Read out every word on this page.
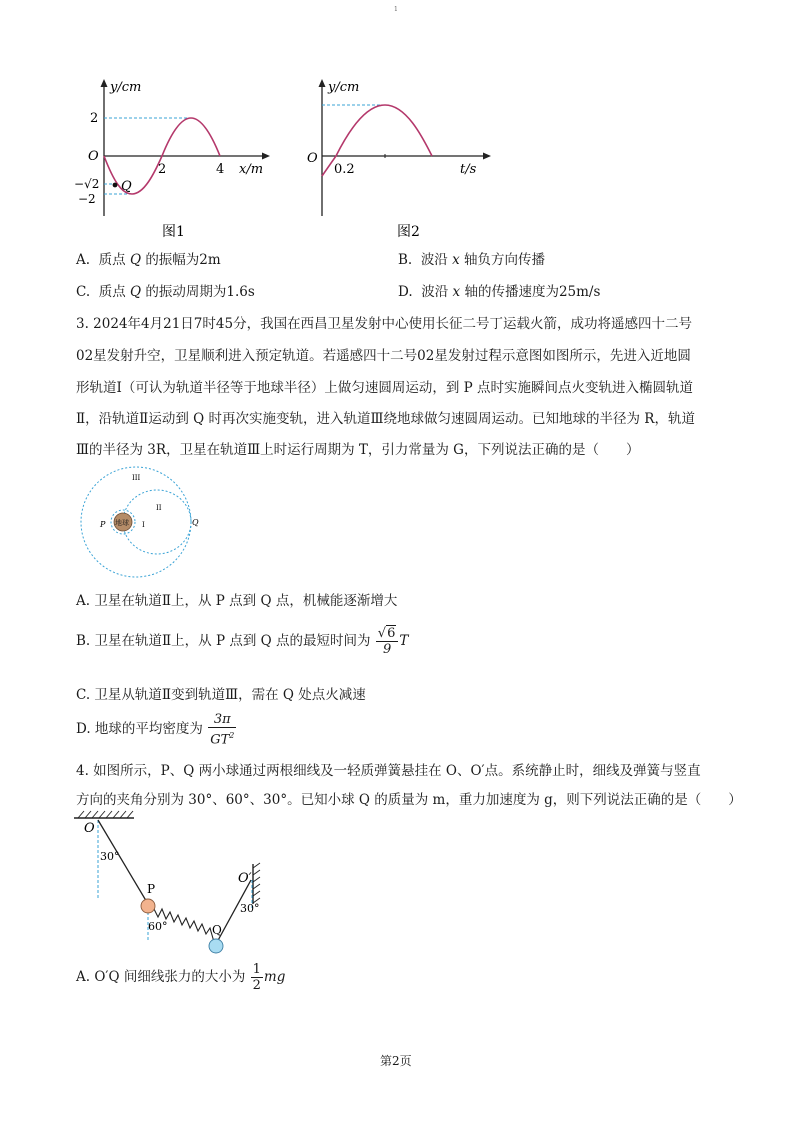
1
Q
y/cm
O
2
−√2
−2
2	4 x/m
图1
y/cm
O
0.2	t/s
图2
A. 质点 Q 的振幅为2m	B. 波沿 x 轴负方向传播
C. 质点 Q 的振动周期为1.6s	D. 波沿 x 轴的传播速度为25m/s
3. 2024年4月21日7时45分，我国在西昌卫星发射中心使用长征二号丁运载火箭，成功将遥感四十二号
02星发射升空，卫星顺利进入预定轨道。若遥感四十二号02星发射过程示意图如图所示，先进入近地圆
形轨道Ⅰ（可认为轨道半径等于地球半径）上做匀速圆周运动，到 P 点时实施瞬间点火变轨进入椭圆轨道
Ⅱ，沿轨道Ⅱ运动到 Q 时再次实施变轨，进入轨道Ⅲ绕地球做匀速圆周运动。已知地球的半径为 R，轨道
Ⅲ的半径为 3R，卫星在轨道Ⅲ上时运行周期为 T，引力常量为 G，下列说法正确的是（　　）
地球
III
II
I
P	Q
A. 卫星在轨道Ⅱ上，从 P 点到 Q 点，机械能逐渐增大
B. 卫星在轨道Ⅱ上，从 P 点到 Q 点的最短时间为 $\frac{√6}{9}$ T
C. 卫星从轨道Ⅱ变到轨道Ⅲ，需在 Q 处点火减速
D. 地球的平均密度为 $\frac{3\pi}{GT^2}$
4. 如图所示，P、Q 两小球通过两根细线及一轻质弹簧悬挂在 O、O′点。系统静止时，细线及弹簧与竖直
方向的夹角分别为 30°、60°、30°。已知小球 Q 的质量为 m，重力加速度为 g，则下列说法正确的是（　　）
O
30°
P
60°	Q
O′
30°
A. O′Q 间细线张力的大小为 $\frac{1}{2}$ mg
第2页
